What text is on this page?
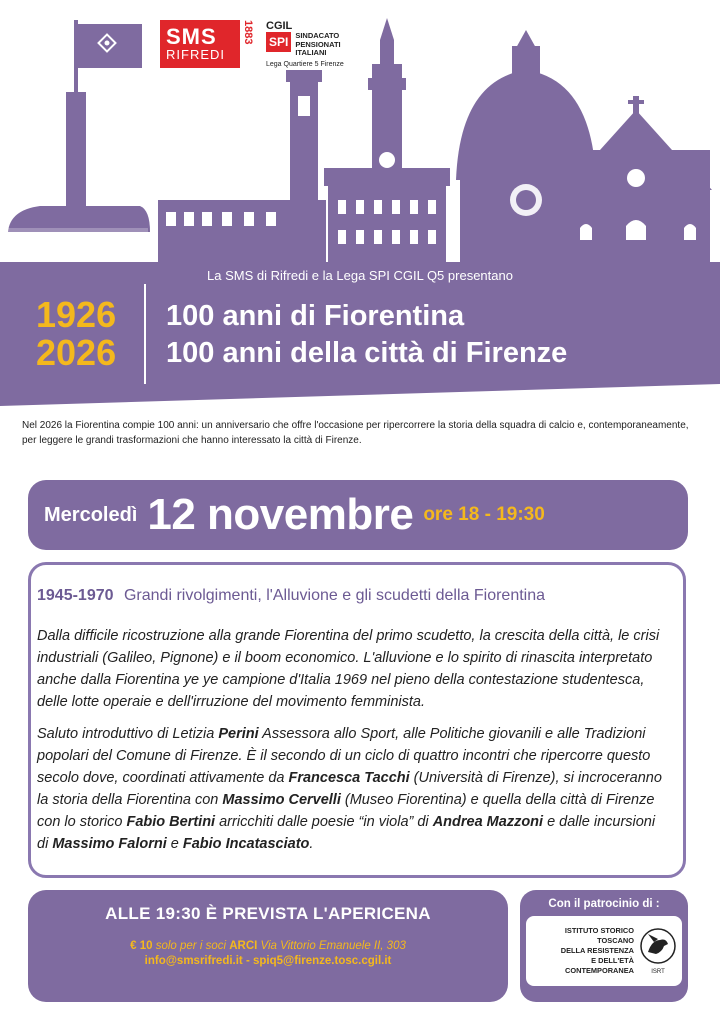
SMS
RIFREDI
1883 CGIL
SPI SINDACATO
PENSIONATI
ITALIANI
Lega Quartiere 5 Firenze
La SMS di Rifredi e la Lega SPI CGIL Q5 presentano
1926
2026
100 anni di Fiorentina
100 anni della città di Firenze

Nel 2026 la Fiorentina compie 100 anni: un anniversario che offre l'occasione per ripercorrere la storia della squadra di calcio e, contemporaneamente, per leggere le grandi trasformazioni che hanno interessato la città di Firenze.

Mercoledì 12 novembre ore 18 - 19:30
1945-1970 Grandi rivolgimenti, l'Alluvione e gli scudetti della Fiorentina

Dalla difficile ricostruzione alla grande Fiorentina del primo scudetto, la crescita della città, le crisi industriali (Galileo, Pignone) e il boom economico. L'alluvione e lo spirito di rinascita interpretato anche dalla Fiorentina ye ye campione d'Italia 1969 nel pieno della contestazione studentesca, delle lotte operaie e dell'irruzione del movimento femminista.

Saluto introduttivo di Letizia Perini Assessora allo Sport, alle Politiche giovanili e alle Tradizioni popolari del Comune di Firenze. È il secondo di un ciclo di quattro incontri che ripercorre questo secolo dove, coordinati attivamente da Francesca Tacchi (Università di Firenze), si incroceranno la storia della Fiorentina con Massimo Cervelli (Museo Fiorentina) e quella della città di Firenze con lo storico Fabio Bertini arricchiti dalle poesie “in viola” di Andrea Mazzoni e dalle incursioni di Massimo Falorni e Fabio Incatasciato.

ALLE 19:30 È PREVISTA L'APERICENA
€ 10 solo per i soci ARCI Via Vittorio Emanuele II, 303
info@smsrifredi.it - spiq5@firenze.tosc.cgil.it
Con il patrocinio di :
ISTITUTO STORICO TOSCANO
DELLA RESISTENZA
E DELL'ETÀ CONTEMPORANEA	ISRT
